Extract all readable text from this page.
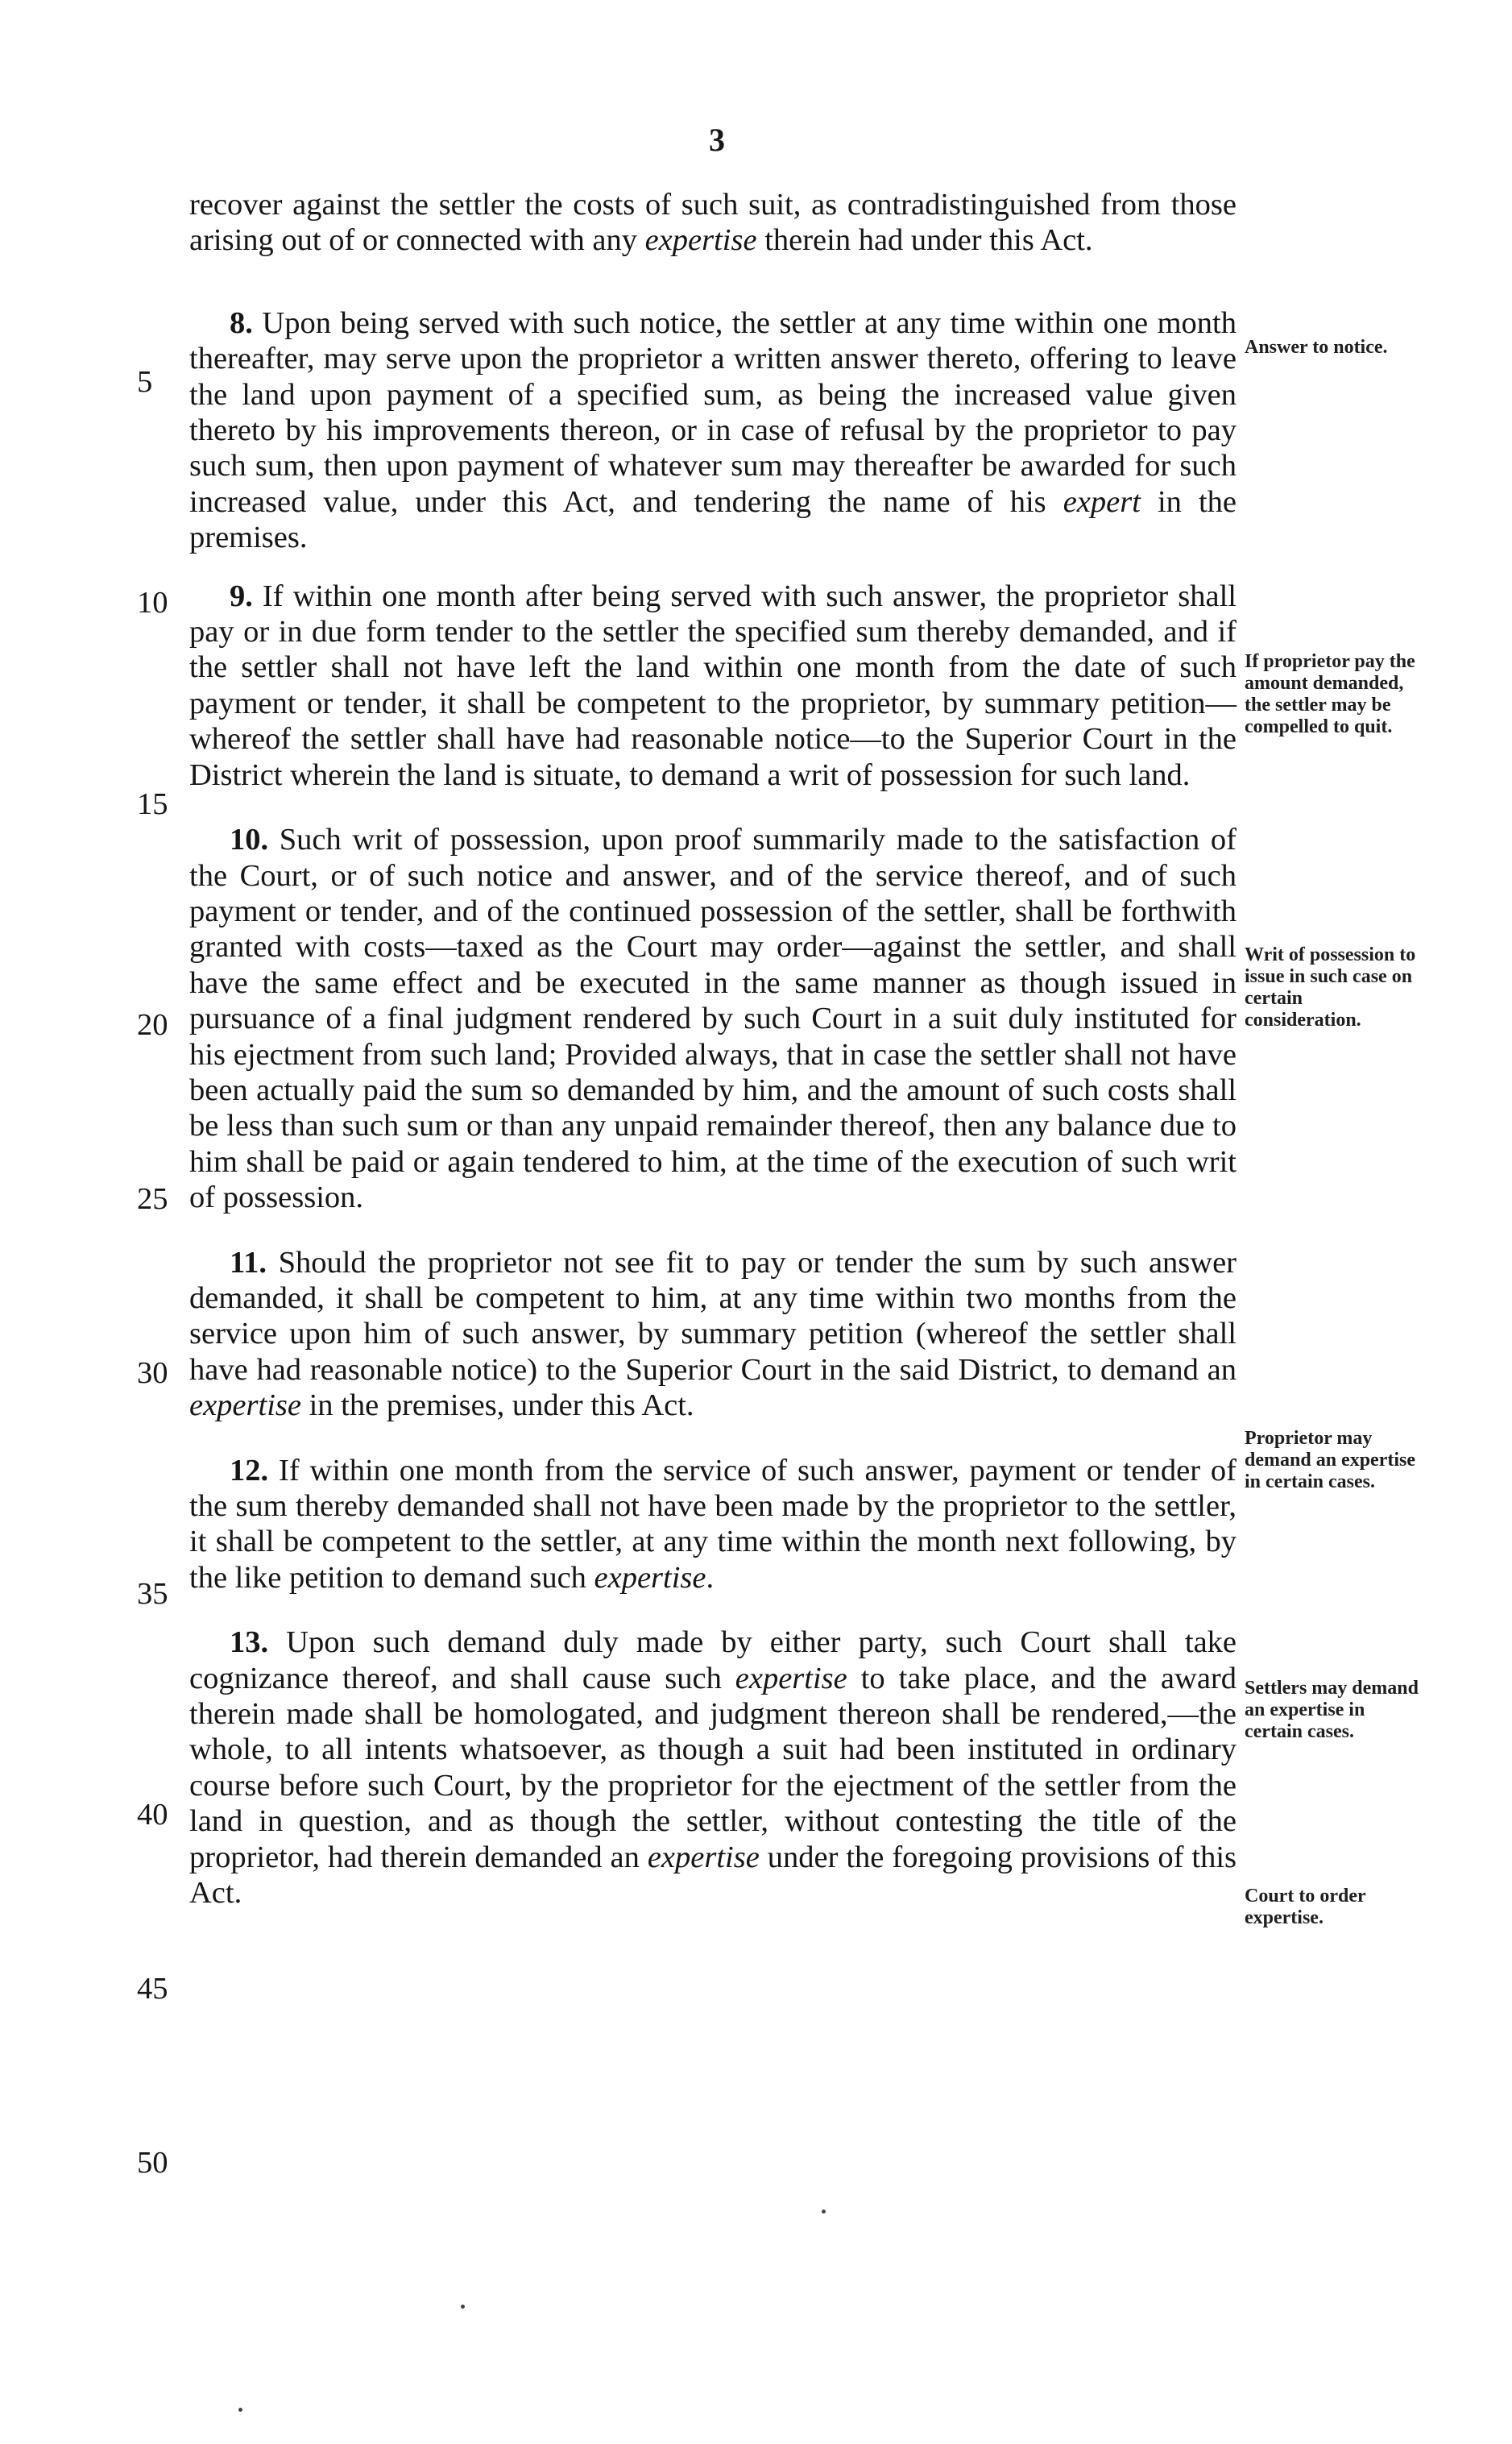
3

recover against the settler the costs of such suit, as contradistinguished from those arising out of or connected with any expertise therein had under this Act.

8. Upon being served with such notice, the settler at any time within one month thereafter, may serve upon the proprietor a written answer thereto, offering to leave the land upon payment of a specified sum, as being the increased value given thereto by his improvements thereon, or in case of refusal by the proprietor to pay such sum, then upon payment of whatever sum may thereafter be awarded for such increased value, under this Act, and tendering the name of his expert in the premises.

9. If within one month after being served with such answer, the proprietor shall pay or in due form tender to the settler the specified sum thereby demanded, and if the settler shall not have left the land within one month from the date of such payment or tender, it shall be competent to the proprietor, by summary petition—whereof the settler shall have had reasonable notice—to the Superior Court in the District wherein the land is situate, to demand a writ of possession for such land.

10. Such writ of possession, upon proof summarily made to the satisfaction of the Court, or of such notice and answer, and of the service thereof, and of such payment or tender, and of the continued possession of the settler, shall be forthwith granted with costs—taxed as the Court may order—against the settler, and shall have the same effect and be executed in the same manner as though issued in pursuance of a final judgment rendered by such Court in a suit duly instituted for his ejectment from such land; Provided always, that in case the settler shall not have been actually paid the sum so demanded by him, and the amount of such costs shall be less than such sum or than any unpaid remainder thereof, then any balance due to him shall be paid or again tendered to him, at the time of the execution of such writ of possession.

11. Should the proprietor not see fit to pay or tender the sum by such answer demanded, it shall be competent to him, at any time within two months from the service upon him of such answer, by summary petition (whereof the settler shall have had reasonable notice) to the Superior Court in the said District, to demand an expertise in the premises, under this Act.

12. If within one month from the service of such answer, payment or tender of the sum thereby demanded shall not have been made by the proprietor to the settler, it shall be competent to the settler, at any time within the month next following, by the like petition to demand such expertise.

13. Upon such demand duly made by either party, such Court shall take cognizance thereof, and shall cause such expertise to take place, and the award therein made shall be homologated, and judgment thereon shall be rendered,—the whole, to all intents whatsoever, as though a suit had been instituted in ordinary course before such Court, by the proprietor for the ejectment of the settler from the land in question, and as though the settler, without contesting the title of the proprietor, had therein demanded an expertise under the foregoing provisions of this Act.

5
10
15
20
25
30
35
40
45
50
Answer to notice.
If proprietor pay the amount demanded, the settler may be compelled to quit.
Writ of possession to issue in such case on certain consideration.
Proprietor may demand an expertise in certain cases.
Settlers may demand an expertise in certain cases.
Court to order expertise.
